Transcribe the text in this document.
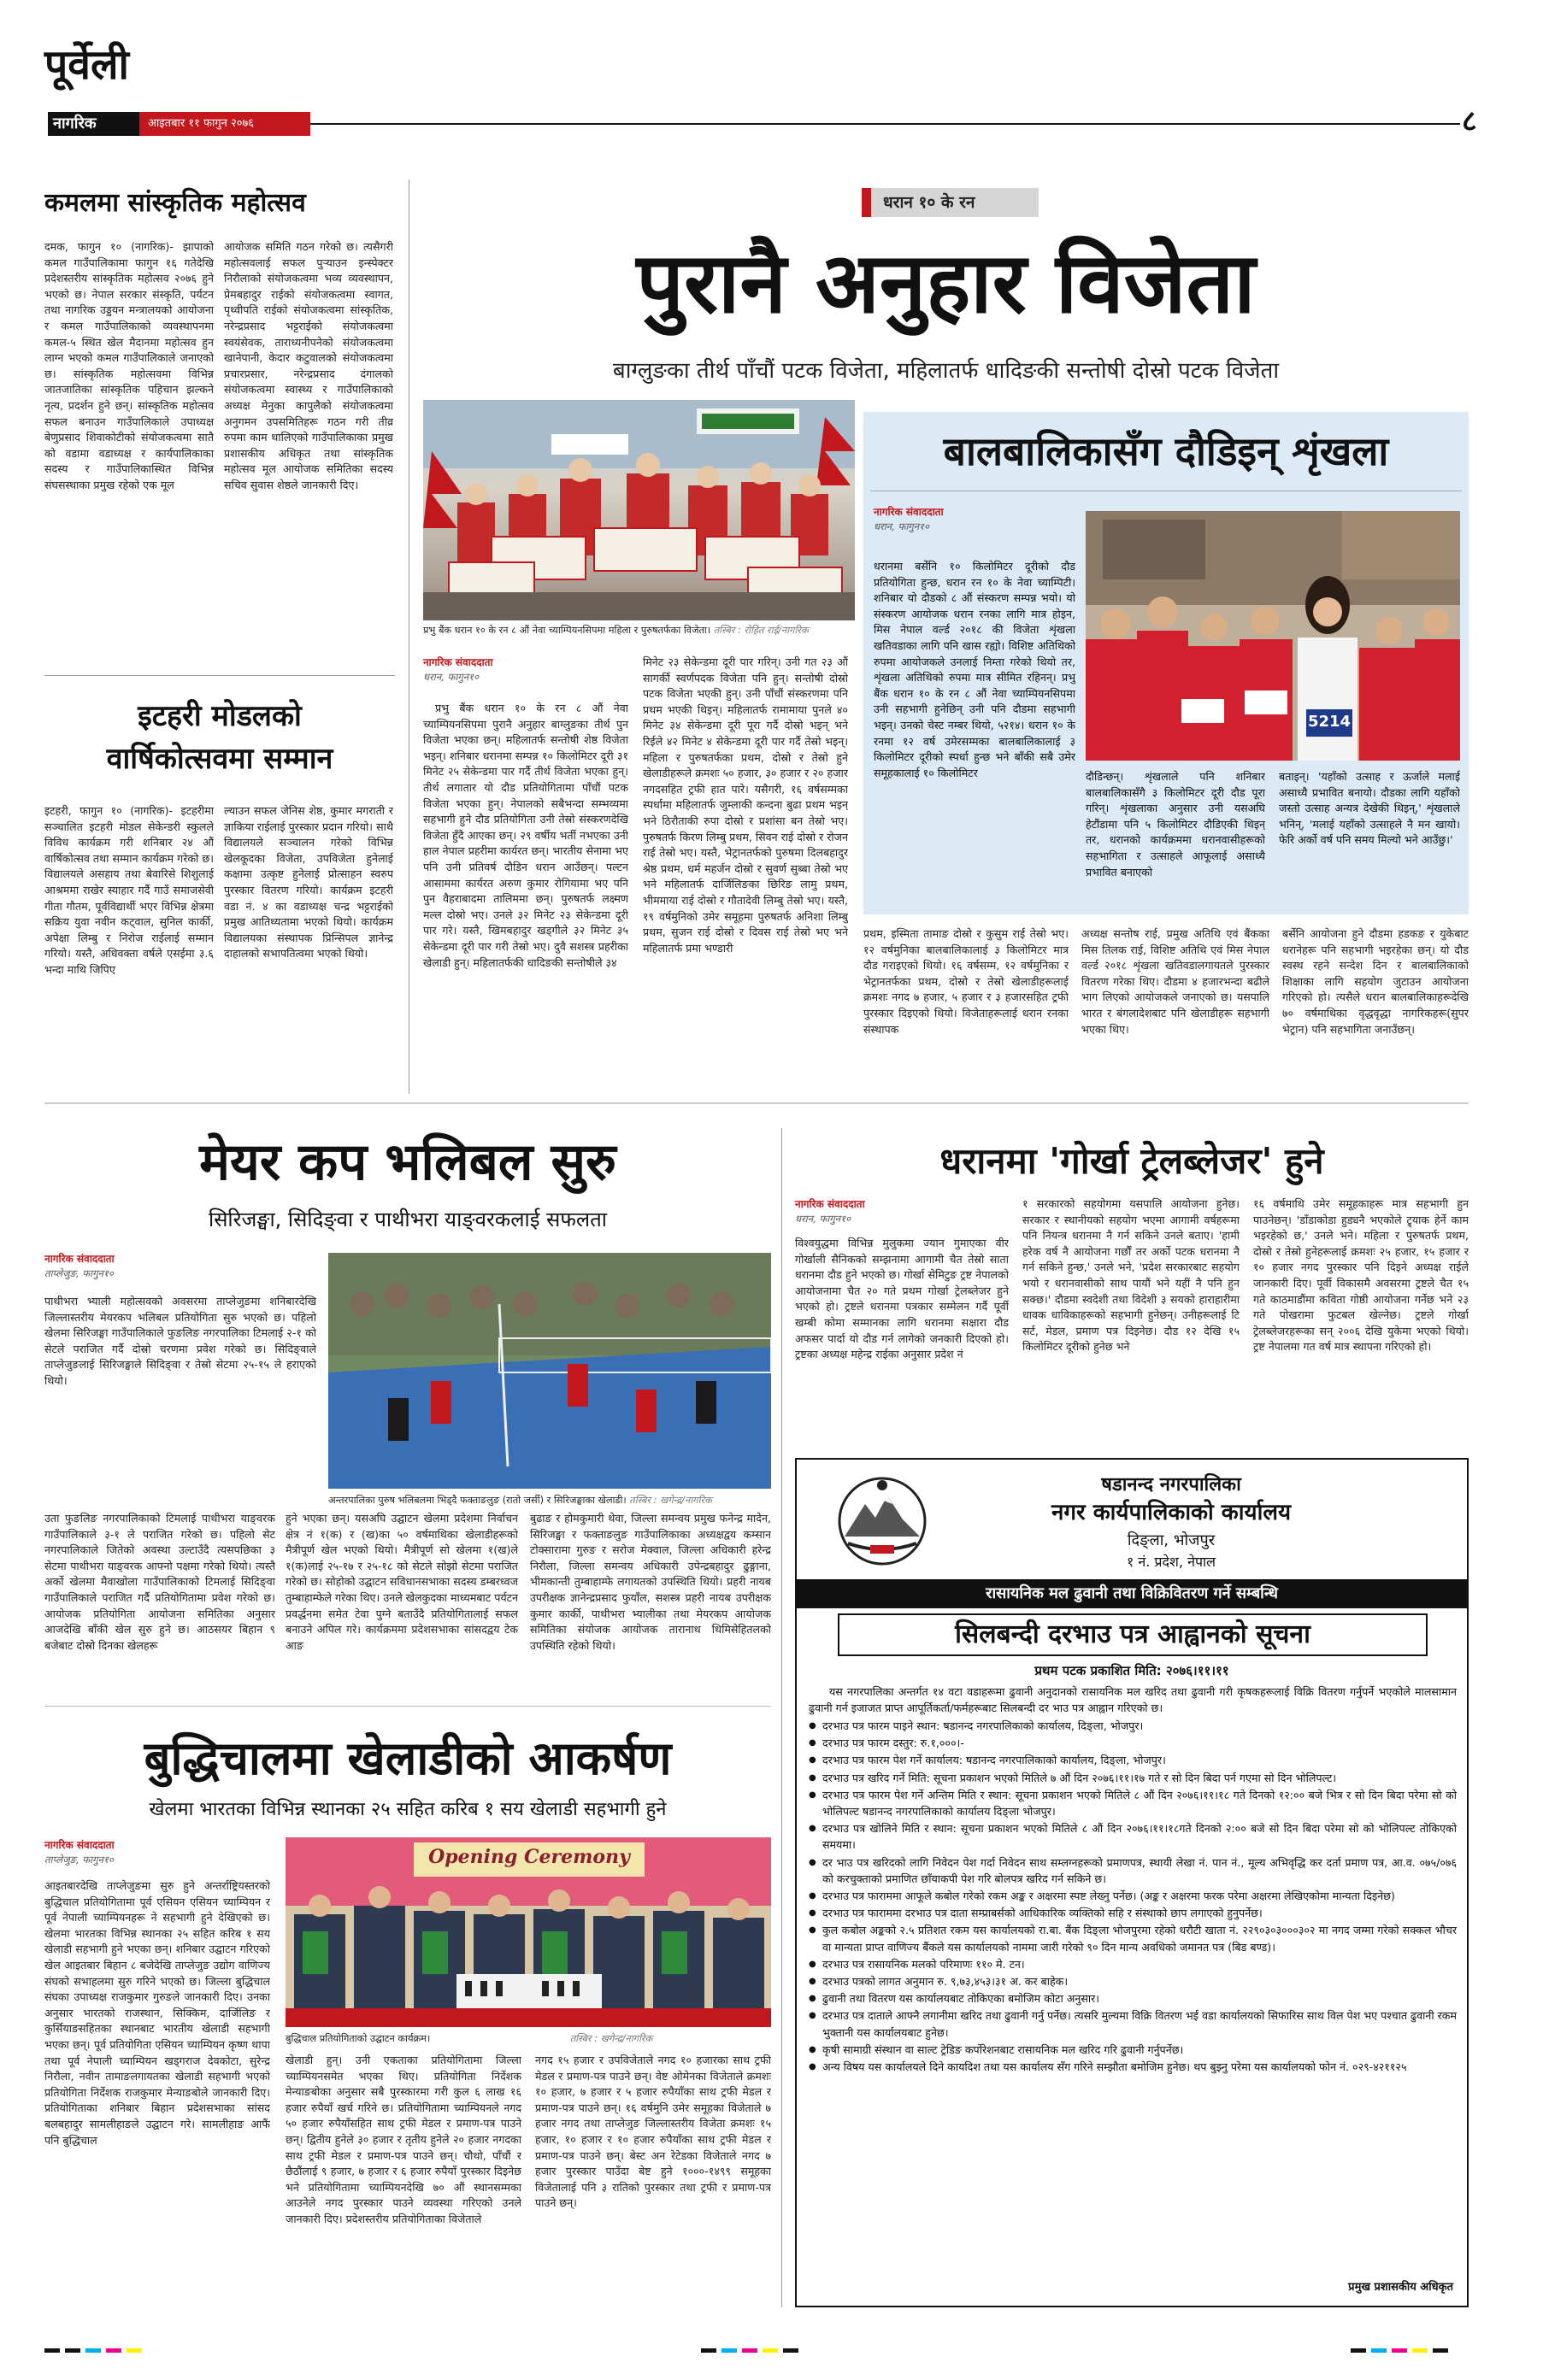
पूर्वेली
नागरिक	आइतबार ११ फागुन २०७६	८
कमलमा सांस्कृतिक महोत्सव
दमक, फागुन १० (नागरिक)- झापाको कमल गाउँपालिकामा फागुन १६ गतेदेखि प्रदेशस्तरीय सांस्कृतिक महोत्सव २०७६ हुने भएको छ। नेपाल सरकार संस्कृति, पर्यटन तथा नागरिक उड्डयन मन्त्रालयको आयोजना र कमल गाउँपालिकाको व्यवस्थापनमा कमल-५ स्थित खेल मैदानमा महोत्सव हुन लाग्न भएको कमल गाउँपालिकाले जनाएको छ। सांस्कृतिक महोत्सवमा विभिन्न जातजातिका सांस्कृतिक पहिचान झल्कने नृत्य, प्रदर्शन हुने छन्। सांस्कृतिक महोत्सव सफल बनाउन गाउँपालिकाले उपाध्यक्ष बेणुप्रसाद शिवाकोटीको संयोजकत्वमा सातै को वडामा वडाध्यक्ष र कार्यपालिकाका सदस्य र गाउँपालिकास्थित विभिन्न संघसस्थाका प्रमुख रहेको एक मूल
आयोजक समिति गठन गरेको छ। त्यसैगरी महोत्सवलाई सफल पुऱ्याउन इन्स्पेक्टर निरौलाको संयोजकत्वमा भव्य व्यवस्थापन, प्रेमबहादुर राईको संयोजकत्वमा स्वागत, पृथ्वीपति राईको संयोजकत्वमा सांस्कृतिक, नरेन्द्रप्रसाद भट्टराईको संयोजकत्वमा स्वयंसेवक, ताराध्यनीपनेको संयोजकत्वमा खानेपानी, केदार कटुवालको संयोजकत्वमा प्रचारप्रसार, नरेन्द्रप्रसाद दंगालको संयोजकत्वमा स्वास्थ्य र गाउँपालिकाको अध्यक्ष मेनुका कापुलैको संयोजकत्वमा अनुगमन उपसमितिहरू गठन गरी तीव्र रुपमा काम थालिएको गाउँपालिकाका प्रमुख प्रशासकीय अधिकृत तथा सांस्कृतिक महोत्सव मूल आयोजक समितिका सदस्य सचिव सुवास शेष्ठले जानकारी दिए।
इटहरी मोडलको
वार्षिकोत्सवमा सम्मान
इटहरी, फागुन १० (नागरिक)- इटहरीमा सञ्चालित इटहरी मोडल सेकेन्डरी स्कुलले विविध कार्यक्रम गरी शनिबार २४ औं वार्षिकोत्सव तथा सम्मान कार्यक्रम गरेको छ। विद्यालयले असहाय तथा बेवारिसे शिशुलाई आश्रममा राखेर स्याहार गर्दै गाउँ समाजसेवी गीता गौतम, पूर्वविद्यार्थी भएर विभिन्न क्षेत्रमा सक्रिय युवा नवीन कट्वाल, सुनिल कार्की, अपेक्षा लिम्बु र निरोज राईलाई सम्मान गरियो। यस्तै, अधिवक्ता वर्षले एसईमा ३.६ भन्दा माथि जिपिए
ल्याउन सफल जेनिस शेष्ठ, कुमार मगराती र ज्ञाकिया राईलाई पुरस्कार प्रदान गरियो। साथै विद्यालयले सञ्चालन गरेको विभिन्न खेलकूदका विजेता, उपविजेता हुनेलाई कक्षामा उत्कृष्ट हुनेलाई प्रोत्साहन स्वरुप पुरस्कार वितरण गरियो। कार्यक्रम इटहरी वडा नं. ४ का वडाध्यक्ष चन्द्र भट्टराईको प्रमुख आतिथ्यतामा भएको थियो। कार्यक्रम विद्यालयका संस्थापक प्रिन्सिपल ज्ञानेन्द्र दाहालको सभापतित्वमा भएको थियो।
धरान १० के रन
पुरानै अनुहार विजेता
बाग्लुङका तीर्थ पाँचौं पटक विजेता, महिलातर्फ धादिङकी सन्तोषी दोस्रो पटक विजेता
प्रभु बैंक धरान १० के रन ८ औं नेवा च्याम्पियनसिपमा महिला र पुरुषतर्फका विजेता। तस्बिर : रोहित राई/नागरिक
नागरिक संवाददाता
धरान, फागुन१०
प्रभु बैंक धरान १० के रन ८ औं नेवा च्याम्पियनसिपमा पुरानै अनुहार बाग्लुङका तीर्थ पुन विजेता भएका छन्। महिलातर्फ सन्तोषी शेष्ठ विजेता भइन्। शनिबार धरानमा सम्पन्न १० किलोमिटर दूरी ३१ मिनेट २५ सेकेन्डमा पार गर्दै तीर्थ विजेता भएका हुन्। तीर्थ लगातार यो दौड प्रतियोगितामा पाँचौं पटक विजेता भएका हुन्। नेपालको सबैभन्दा सम्भव्यमा सहभागी हुने दौड प्रतियोगिता उनी तेस्रो संस्करणदेखि विजेता हुँदै आएका छन्। २९ वर्षीय भर्ती नभएका उनी हाल नेपाल प्रहरीमा कार्यरत छन्। भारतीय सेनामा भए पनि उनी प्रतिवर्ष दौडिन धरान आउँछन्। पल्टन आसाममा कार्यरत अरुण कुमार रोगियामा भए पनि पुन वैहराबादमा तालिममा छन्। पुरुषतर्फ लक्ष्मण मल्ल दोस्रो भए। उनले ३२ मिनेट २३ सेकेन्डमा दूरी पार गरे। यस्तै, खिमबहादुर खड्गीले ३२ मिनेट ३५ सेकेन्डमा दूरी पार गरी तेस्रो भए। दुवै सशस्त्र प्रहरीका खेलाडी हुन्। महिलातर्फकी धादिङकी सन्तोषीले ३४
मिनेट २३ सेकेन्डमा दूरी पार गरिन्। उनी गत २३ औं सागर्की स्वर्णपदक विजेता पनि हुन्। सन्तोषी दोस्रो पटक विजेता भएकी हुन्। उनी पाँचौं संस्करणमा पनि प्रथम भएकी थिइन्। महिलातर्फ रामामाया पुनले ४० मिनेट ३४ सेकेन्डमा दूरी पूरा गर्दै दोस्रो भइन् भने रिईले ४२ मिनेट ४ सेकेन्डमा दूरी पार गर्दै तेस्रो भइन्। महिला र पुरुषतर्फका प्रथम, दोस्रो र तेस्रो हुने खेलाडीहरूले क्रमशः ५० हजार, ३० हजार र २० हजार नगदसहित ट्रफी हात पारे। यसैगरी, १६ वर्षसम्मका स्पर्धामा महिलातर्फ जुम्लाकी कन्दना बुढा प्रथम भइन् भने ठिरौताकी रुपा दोस्रो र प्रशांसा बन तेस्रो भए। पुरुषतर्फ किरण लिम्बु प्रथम, सिवन राई दोस्रो र रोजन राई तेस्रो भए। यस्तै, भेट्रानतर्फको पुरुषमा दिलबहादुर श्रेष्ठ प्रथम, धर्म महर्जन दोस्रो र सुवर्ण सुब्बा तेस्रो भए भने महिलातर्फ दार्जिलिङका छिरिङ लामु प्रथम, भीममाया राई दोस्रो र गौतादेवी लिम्बु तेस्रो भए। यस्तै, १९ वर्षमुनिको उमेर समूहमा पुरुषतर्फ अनिशा लिम्बु प्रथम, सुजन राई दोस्रो र दिवस राई तेस्रो भए भने महिलातर्फ प्रमा भण्डारी
प्रथम, इस्मिता तामाङ दोस्रो र कुसुम राई तेस्रो भए। १२ वर्षमुनिका बालबालिकालाई ३ किलोमिटर मात्र दौड गराइएको थियो। १६ वर्षसम्म, १२ वर्षमुनिका र भेट्रानतर्फका प्रथम, दोस्रो र तेस्रो खेलाडीहरूलाई क्रमशः नगद ७ हजार, ५ हजार र ३ हजारसहित ट्रफी पुरस्कार दिइएको थियो। विजेताहरूलाई धरान रनका संस्थापक
अध्यक्ष सन्तोष राई, प्रमुख अतिथि एवं बैंकका मिस तिलक राई, विशिष्ट अतिथि एवं मिस नेपाल वर्ल्ड २०१८ शृंखला खतिवडालगायतले पुरस्कार वितरण गरेका थिए। दौडमा ४ हजारभन्दा बढीले भाग लिएको आयोजकले जनाएको छ। यसपालि भारत र बंगलादेशबाट पनि खेलाडीहरू सहभागी भएका थिए।
बर्सेनि आयोजना हुने दौडमा हडकङ र युकेबाट धरानेहरू पनि सहभागी भइरहेका छन्। यो दौड स्वस्थ रहने सन्देश दिन र बालबालिकाको शिक्षाका लागि सहयोग जुटाउन आयोजना गरिएको हो। त्यसैले धरान बालबालिकाहरूदेखि ७० वर्षमाथिका वृद्धवृद्धा नागरिकहरू(सुपर भेट्रान) पनि सहभागिता जनाउँछन्।
बालबालिकासँग दौडिइन् शृंखला
नागरिक संवाददाता
धरान, फागुन१०
धरानमा बर्सेनि १० किलोमिटर दूरीको दौड प्रतियोगिता हुन्छ, धरान रन १० के नेवा च्याम्पिटी। शनिबार यो दौडको ८ औं संस्करण सम्पन्न भयो। यो संस्करण आयोजक धरान रनका लागि मात्र होइन, मिस नेपाल वर्ल्ड २०१८ की विजेता शृंखला खतिवडाका लागि पनि खास रह्यो। विशिष्ट अतिथिको रुपमा आयोजकले उनलाई निम्ता गरेको थियो तर, शृंखला अतिथिको रुपमा मात्र सीमित रहिनन्। प्रभु बैंक धरान १० के रन ८ औं नेवा च्याम्पियनसिपमा उनी सहभागी हुनेछिन् उनी पनि दौडमा सहभागी भइन्। उनको चेस्ट नम्बर थियो, ५२१४। धरान १० के रनमा १२ वर्ष उमेरसम्मका बालबालिकालाई ३ किलोमिटर दूरीको स्पर्धा हुन्छ भने बाँकी सबै उमेर समूहकालाई १० किलोमिटर
5214
दौडिन्छन्। शृंखलाले पनि शनिबार बालबालिकासँगै ३ किलोमिटर दूरी दौड पूरा गरिन्। शृंखलाका अनुसार उनी यसअघि हेटौंडामा पनि ५ किलोमिटर दौडिएकी थिइन् तर, धरानको कार्यक्रममा धरानवासीहरूको सहभागिता र उत्साहले आफूलाई असाध्यै प्रभावित बनाएको
बताइन्। 'यहाँको उत्साह र ऊर्जाले मलाई असाध्यै प्रभावित बनायो। दौडका लागि यहाँको जस्तो उत्साह अन्यत्र देखेकी थिइन्,' शृंखलाले भनिन्, 'मलाई यहाँको उत्साहले नै मन खायो। फेरि अर्को वर्ष पनि समय मिल्यो भने आउँछु।'
मेयर कप भलिबल सुरु
सिरिजङ्घा, सिदिङ्वा र पाथीभरा याङ्वरकलाई सफलता
नागरिक संवाददाता
ताप्लेजुङ, फागुन१०
पाथीभरा भ्याली महोत्सवको अवसरमा ताप्लेजुङमा शनिबारदेखि जिल्लास्तरीय मेयरकप भलिबल प्रतियोगिता सुरु भएको छ। पहिलो खेलमा सिरिजङ्घा गाउँपालिकाले फुङलिङ नगरपालिका टिमलाई २-१ को सेटले पराजित गर्दै दोस्रो चरणमा प्रवेश गरेको छ। सिदिङ्वाले ताप्लेजुङलाई सिरिजङ्घाले सिदिङ्वा र तेस्रो सेटमा २५-१५ ले हराएको थियो।
अन्तरपालिका पुरुष भलिबलमा भिड्दै फक्ताङलुङ (रातो जर्सी) र सिरिजङ्घाका खेलाडी। तस्बिर : खगेन्द्र/नागरिक
उता फुङलिङ नगरपालिकाको टिमलाई पाथीभरा याङ्वरक गाउँपालिकाले ३-१ ले पराजित गरेको छ। पहिलो सेट नगरपालिकाले जितेको अवस्था उल्टाउँदै त्यसपछिका ३ सेटमा पाथीभरा याङ्वरक आफ्नो पक्षमा गरेको थियो। त्यस्तै अर्को खेलमा मैवाखोला गाउँपालिकाको टिमलाई सिदिङ्वा गाउँपालिकाले पराजित गर्दै प्रतियोगितामा प्रवेश गरेको छ। आयोजक प्रतियोगिता आयोजना समितिका अनुसार आजदेखि बाँकी खेल सुरु हुने छ। आठसयर बिहान ९ बजेबाट दोस्रो दिनका खेलहरू
हुने भएका छन्। यसअघि उद्घाटन खेलमा प्रदेशमा निर्वाचन क्षेत्र नं १(क) र (ख)का ५० वर्षमाथिका खेलाडीहरूको मैत्रीपूर्ण खेल भएको थियो। मैत्रीपूर्ण सो खेलमा १(ख)ले १(क)लाई २५-१७ र २५-१८ को सेटले सोझो सेटमा पराजित गरेको छ। सोहोको उद्घाटन सविधानसभाका सदस्य डम्बरध्वज तुम्बाहाम्फेले गरेका थिए। उनले खेलकुदका माध्यमबाट पर्यटन प्रवर्द्धनमा समेत टेवा पुग्ने बताउँदै प्रतियोगितालाई सफल बनाउने अपिल गरे। कार्यक्रममा प्रदेशसभाका सांसदद्वय टेक आङ
बुढाङ र होमकुमारी थेवा, जिल्ला समन्वय प्रमुख फनेन्द्र मादेन, सिरिजङ्घा र फक्ताङलुङ गाउँपालिकाका अध्यक्षद्वय कम्सान टोक्सारामा गुरुङ र सरोज मेक्वाल, जिल्ला अधिकारी हरेन्द्र निरौला, जिल्ला समन्वय अधिकारी उपेन्द्रबहादुर ढुङ्गाना, भीमकान्ती तुम्बाहाम्फे लगायतको उपस्थिति थियो। प्रहरी नायब उपरीक्षक ज्ञानेन्द्रप्रसाद फुयाँल, सशस्त्र प्रहरी नायब उपरीक्षक कुमार कार्की, पाथीभरा भ्यालीका तथा मेयरकप आयोजक समितिका संयोजक आयोजक तारानाथ थिमिसेहितलको उपस्थिति रहेको थियो।
धरानमा 'गोर्खा ट्रेलब्लेजर' हुने
नागरिक संवाददाता
धरान, फागुन१०
विश्वयुद्धमा विभिन्न मुलुकमा ज्यान गुमाएका वीर गोर्खाली सैनिकको सम्झनामा आगामी चैत तेस्रो साता धरानमा दौड हुने भएको छ। गोर्खा सेमिटुङ ट्रष्ट नेपालको आयोजनामा चैत २० गते प्रथम गोर्खा ट्रेलब्लेजर हुने भएको हो। ट्रष्टले धरानमा पत्रकार सम्मेलन गर्दै पूर्वी खम्बी कोमा सम्मानका लागि धरानमा सक्षारा दौड अफसर पार्दा यो दौड गर्न लागेको जनकारी दिएको हो। ट्रष्टका अध्यक्ष महेन्द्र राईका अनुसार प्रदेश नं
१ सरकारको सहयोगमा यसपालि आयोजना हुनेछ। सरकार र स्थानीयको सहयोग भएमा आगामी वर्षहरूमा पनि नियन्त्र धरानमा नै गर्न सकिने उनले बताए। 'हामी हरेक वर्ष नै आयोजना गर्छौं तर अर्को पटक धरानमा नै गर्न सकिने हुन्छ,' उनले भने, 'प्रदेश सरकारबाट सहयोग भयो र धरानवासीको साथ पायौं भने यहीं नै पनि हुन सक्छ।' दौडमा स्वदेशी तथा विदेशी ३ सयको हाराहारीमा धावक धाविकाहरूको सहभागी हुनेछन्। उनीहरूलाई टि सर्ट, मेडल, प्रमाण पत्र दिइनेछ। दौड १२ देखि १५ किलोमिटर दूरीको हुनेछ भने
१६ वर्षमाथि उमेर समूहकाहरू मात्र सहभागी हुन पाउनेछन्। 'डाँडाकोडा हुड्यनै भएकोले ट्र्याक हेर्ने काम भइरहेको छ,' उनले भने। महिला र पुरुषतर्फ प्रथम, दोस्रो र तेस्रो हुनेहरूलाई क्रमशः २५ हजार, १५ हजार र १० हजार नगद पुरस्कार पनि दिइने अध्यक्ष राईले जानकारी दिए। पूर्वी विकासमै अवसरमा ट्रष्टले चैत १५ गते काठमाडौंमा कविता गोष्ठी आयोजना गर्नेछ भने २३ गते पोखरामा फुटबल खेल्नेछ। ट्रष्टले गोर्खा ट्रेलब्लेजरहरूका सन् २००६ देखि युकेमा भएको थियो। ट्रष्ट नेपालमा गत वर्ष मात्र स्थापना गरिएको हो।
षडानन्द नगरपालिका
नगर कार्यपालिकाको कार्यालय
दिङ्ला, भोजपुर
१ नं. प्रदेश, नेपाल
रासायनिक मल ढुवानी तथा विक्रिवितरण गर्ने सम्बन्धि
सिलबन्दी दरभाउ पत्र आह्वानको सूचना
प्रथम पटक प्रकाशित मिति: २०७६।११।११
यस नगरपालिका अन्तर्गत १४ वटा वडाहरूमा ढुवानी अनुदानको रासायनिक मल खरिद तथा ढुवानी गरी कृषकहरूलाई विक्रि वितरण गर्नुपर्ने भएकोले मालसामान ढुवानी गर्न इजाजत प्राप्त आपूर्तिकर्ता/फर्महरूबाट सिलबन्दी दर भाउ पत्र आह्वान गरिएको छ।
● दरभाउ पत्र फारम पाइने स्थान: षडानन्द नगरपालिकाको कार्यालय, दिङ्ला, भोजपुर।
● दरभाउ पत्र फारम दस्तुर: रु.१,०००।-
● दरभाउ पत्र फारम पेश गर्ने कार्यालय: षडानन्द नगरपालिकाको कार्यालय, दिङ्ला, भोजपुर।
● दरभाउ पत्र खरिद गर्ने मिति: सूचना प्रकाशन भएको मितिले ७ औं दिन २०७६।११।१७ गते र सो दिन बिदा पर्न गएमा सो दिन भोलिपल्ट।
● दरभाउ पत्र फारम पेश गर्ने अन्तिम मिति र स्थान: सूचना प्रकाशन भएको मितिले ८ औं दिन २०७६।११।१८ गते दिनको १२:०० बजे भित्र र सो दिन बिदा परेमा सो को भोलिपल्ट षडानन्द नगरपालिकाको कार्यालय दिङ्ला भोजपुर।
● दरभाउ पत्र खोलिने मिति र स्थान: सूचना प्रकाशन भएको मितिले ८ औं दिन २०७६।११।१८गते दिनको २:०० बजे सो दिन बिदा परेमा सो को भोलिपल्ट तोकिएको समयमा।
● दर भाउ पत्र खरिदको लागि निवेदन पेश गर्दा निवेदन साथ सम्लग्नहरूको प्रमाणपत्र, स्थायी लेखा नं. पान नं., मूल्य अभिवृद्धि कर दर्ता प्रमाण पत्र, आ.व. ०७५/०७६ को करचुक्ताको प्रमाणित छाँयाकपी पेश गरि बोलपत्र खरिद गर्न सकिने छ।
● दरभाउ पत्र फाराममा आफूले कबोल गरेको रकम अङ्क र अक्षरमा स्पष्ट लेख्नु पर्नेछ। (अङ्क र अक्षरमा फरक परेमा अक्षरमा लेखिएकोमा मान्यता दिइनेछ)
● दरभाउ पत्र फाराममा दरभाउ पत्र दाता सम्प्राबर्सको आधिकारिक व्यक्तिको सहि र संस्थाको छाप लगाएको हुनुपर्नेछ।
● कुल कबोल अङ्कको २.५ प्रतिशत रकम यस कार्यालयको रा.बा. बैंक दिङ्ला भोजपुरमा रहेको धरौटी खाता नं. २२९०३०३०००३०२ मा नगद जम्मा गरेको सक्कल भौचर वा मान्यता प्राप्त वाणिज्य बैंकले यस कार्यालयको नाममा जारी गरेको ९० दिन मान्य अवधिको जमानत पत्र (बिड बण्ड)।
● दरभाउ पत्र रासायनिक मलको परिमाणः ११० मे. टन।
● दरभाउ पत्रको लागत अनुमान रु. ९,७३,४५३।३१ अ. कर बाहेक।
● ढुवानी तथा वितरण यस कार्यालयबाट तोकिएका बमोजिम कोटा अनुसार।
● दरभाउ पत्र दाताले आफ्नै लगानीमा खरिद तथा ढुवानी गर्नु पर्नेछ। त्यसरि मुल्यमा विक्रि वितरण भई वडा कार्यालयको सिफारिस साथ विल पेश भए पश्चात ढुवानी रकम भुक्तानी यस कार्यालयबाट हुनेछ।
● कृषी सामाग्री संस्थान वा साल्ट ट्रेडिङ कर्पोरेशनबाट रासायनिक मल खरिद गरि ढुवानी गर्नुपर्नेछ।
● अन्य विषय यस कार्यालयले दिने कायदिश तथा यस कार्यालय सँग गरिने सम्झौता बमोजिम हुनेछ। थप बुझ्नु परेमा यस कार्यालयको फोन नं. ०२९-४२११२५
प्रमुख प्रशासकीय अधिकृत
बुद्धिचालमा खेलाडीको आकर्षण
खेलमा भारतका विभिन्न स्थानका २५ सहित करिब १ सय खेलाडी सहभागी हुने
नागरिक संवाददाता
ताप्लेजुङ, फागुन१०
आइतबारदेखि ताप्लेजुङमा सुरु हुने अन्तर्राष्ट्रियस्तरको बुद्धिचाल प्रतियोगितामा पूर्व एसियन एसियन च्याम्पियन र पूर्व नेपाली च्याम्पियनहरू ने सहभागी हुने देखिएको छ। खेलमा भारतका विभिन्न स्थानका २५ सहित करिब १ सय खेलाडी सहभागी हुने भएका छन्। शनिबार उद्घाटन गरिएको खेल आइतबार बिहान ८ बजेदेखि ताप्लेजुङ उद्योग वाणिज्य संघको सभाहलमा सुरु गरिने भएको छ। जिल्ला बुद्धिचाल संघका उपाध्यक्ष राजकुमार गुरुङले जानकारी दिए। उनका अनुसार भारतको राजस्थान, सिक्किम, दार्जिलिङ र कुर्सियाङसहितका स्थानबाट भारतीय खेलाडी सहभागी भएका छन्। पूर्व प्रतियोगिता एसियन च्याम्पियन कृष्ण थापा तथा पूर्व नेपाली च्याम्पियन खड्गराज देवकोटा, सुरेन्द्र निरौला, नवीन तामाङलगायतका खेलाडी सहभागी भएको प्रतियोगिता निर्देशक राजकुमार मेन्याङबोले जानकारी दिए। प्रतियोगिताका शनिबार बिहान प्रदेशसभाका सांसद बलबहादुर सामलीहाङले उद्घाटन गरे। सामलीहाङ आफैं पनि बुद्धिचाल
Opening Ceremony
बुद्धिचाल प्रतियोगिताको उद्घाटन कार्यक्रम।	तस्बिर : खगेन्द्र/नागरिक
खेलाडी हुन्। उनी एकताका प्रतियोगितामा जिल्ला च्याम्पियनसमेत भएका थिए। प्रतियोगिता निर्देशक मेन्याङबोका अनुसार सबै पुरस्कारमा गरी कुल ६ लाख १६ हजार रुपैयाँ खर्च गरिने छ। प्रतियोगितामा च्याम्पियनले नगद ५० हजार रुपैयाँसहित साथ ट्रफी मेडल र प्रमाण-पत्र पाउने छन्। द्वितीय हुनेले ३० हजार र तृतीय हुनेले २० हजार नगदका साथ ट्रफी मेडल र प्रमाण-पत्र पाउने छन्। चौथो, पाँचौं र छैठौंलाई ९ हजार, ७ हजार र ६ हजार रुपैयाँ पुरस्कार दिइनेछ भने प्रतियोगितामा च्याम्पियनदेखि ७० औं स्थानसम्मका आउनेले नगद पुरस्कार पाउने व्यवस्था गरिएको उनले जानकारी दिए। प्रदेशस्तरीय प्रतियोगिताका विजेताले
नगद १५ हजार र उपविजेताले नगद १० हजारका साथ ट्रफी मेडल र प्रमाण-पत्र पाउने छन्। वेष्ट ओमेनका विजेताले क्रमशः १० हजार, ७ हजार र ५ हजार रुपैयाँका साथ ट्रफी मेडल र प्रमाण-पत्र पाउने छन्। १६ वर्षमुनि उमेर समूहका विजेताले ७ हजार नगद तथा ताप्लेजुङ जिल्लास्तरीय विजेता क्रमशः १५ हजार, १० हजार र १० हजार रुपैयाँका साथ ट्रफी मेडल र प्रमाण-पत्र पाउने छन्। बेस्ट अन रेटेडका विजेताले नगद ७ हजार पुरस्कार पाउँदा बेष्ट हुने १०००-१४९९ समूहका विजेतालाई पनि ३ रातिको पुरस्कार तथा ट्रफी र प्रमाण-पत्र पाउने छन्।
